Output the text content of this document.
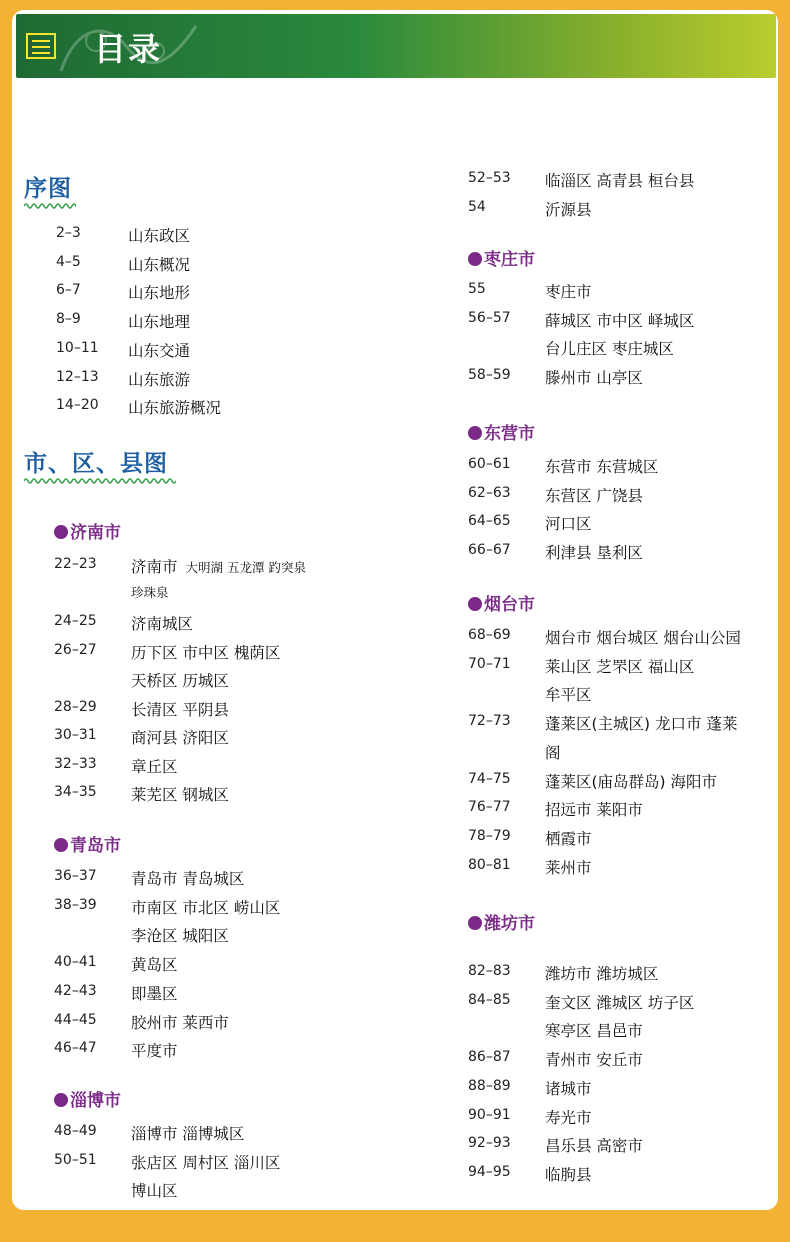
目录
序图
2–3	山东政区
4–5	山东概况
6–7	山东地形
8–9	山东地理
10–11 山东交通
12–13 山东旅游
14–20 山东旅游概况
市、区、县图
济南市
22–23 济南市 大明湖 五龙潭 趵突泉
珍珠泉
24–25 济南城区
26–27 历下区 市中区 槐荫区
天桥区 历城区
28–29 长清区 平阴县
30–31 商河县 济阳区
32–33 章丘区
34–35 莱芜区 钢城区
青岛市
36–37 青岛市 青岛城区
38–39 市南区 市北区 崂山区
李沧区 城阳区
40–41 黄岛区
42–43 即墨区
44–45 胶州市 莱西市
46–47 平度市
淄博市
48–49 淄博市 淄博城区
50–51 张店区 周村区 淄川区
博山区
52–53 临淄区 高青县 桓台县
54	沂源县
枣庄市
55	枣庄市
56–57 薛城区 市中区 峄城区
台儿庄区 枣庄城区
58–59 滕州市 山亭区
东营市
60–61 东营市 东营城区
62–63 东营区 广饶县
64–65 河口区
66–67 利津县 垦利区
烟台市
68–69 烟台市 烟台城区 烟台山公园
70–71 莱山区 芝罘区 福山区
牟平区
72–73 蓬莱区(主城区) 龙口市 蓬莱
阁
74–75 蓬莱区(庙岛群岛) 海阳市
76–77 招远市 莱阳市
78–79 栖霞市
80–81 莱州市
潍坊市
82–83 潍坊市 潍坊城区
84–85 奎文区 潍城区 坊子区
寒亭区 昌邑市
86–87 青州市 安丘市
88–89 诸城市
90–91 寿光市
92–93 昌乐县 高密市
94–95 临朐县
